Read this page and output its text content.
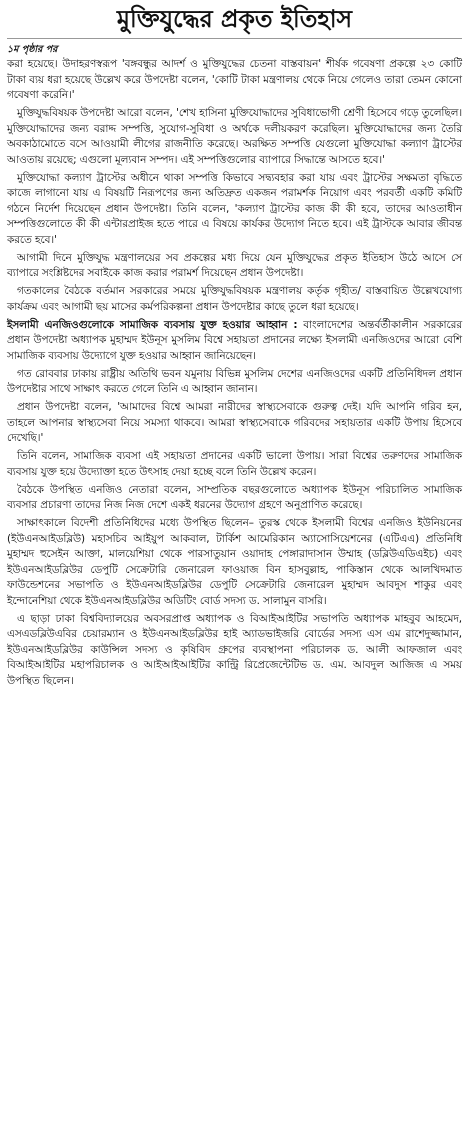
মুক্তিযুদ্ধের প্রকৃত ইতিহাস
১ম পৃষ্ঠার পর

করা হয়েছে। উদাহরণস্বরূপ 'বঙ্গবন্ধুর আদর্শ ও মুক্তিযুদ্ধের চেতনা বাস্তবায়ন' শীর্ষক গবেষণা প্রকল্পে ২৩ কোটি টাকা ব্যয় ধরা হয়েছে উল্লেখ করে উপদেষ্টা বলেন, 'কোটি টাকা মন্ত্রণালয় থেকে নিয়ে গেলেও তারা তেমন কোনো গবেষণা করেনি।'

মুক্তিযুদ্ধবিষয়ক উপদেষ্টা আরো বলেন, 'শেখ হাসিনা মুক্তিযোদ্ধাদের সুবিধাভোগী শ্রেণী হিসেবে গড়ে তুলেছিল। মুক্তিযোদ্ধাদের জন্য বরাদ্দ সম্পত্তি, সুযোগ-সুবিধা ও অর্থকে দলীয়করণ করেছিল। মুক্তিযোদ্ধাদের জন্য তৈরি অবকাঠামোতে বসে আওয়ামী লীগের রাজনীতি করেছে। অরক্ষিত সম্পত্তি যেগুলো মুক্তিযোদ্ধা কল্যাণ ট্রাস্টের আওতায় রয়েছে; এগুলো মূল্যবান সম্পদ। এই সম্পত্তিগুলোর ব্যাপারে সিদ্ধান্তে আসতে হবে।'

মুক্তিযোদ্ধা কল্যাণ ট্রাস্টের অধীনে থাকা সম্পত্তি কিভাবে সদ্ব্যবহার করা যায় এবং ট্রাস্টের সক্ষমতা বৃদ্ধিতে কাজে লাগানো যায় এ বিষয়টি নিরূপণের জন্য অতিদ্রুত একজন পরামর্শক নিয়োগ এবং পরবর্তী একটি কমিটি গঠনে নির্দেশ দিয়েছেন প্রধান উপদেষ্টা। তিনি বলেন, 'কল্যাণ ট্রাস্টের কাজ কী কী হবে, তাদের আওতাধীন সম্পত্তিগুলোতে কী কী এন্টারপ্রাইজ হতে পারে এ বিষয়ে কার্যকর উদ্যোগ নিতে হবে। এই ট্রাস্টকে আবার জীবন্ত করতে হবে।'

আগামী দিনে মুক্তিযুদ্ধ মন্ত্রণালয়ের সব প্রকল্পের মধ্য দিয়ে যেন মুক্তিযুদ্ধের প্রকৃত ইতিহাস উঠে আসে সে ব্যাপারে সংশ্লিষ্টদের সবাইকে কাজ করার পরামর্শ দিয়েছেন প্রধান উপদেষ্টা।

গতকালের বৈঠকে বর্তমান সরকারের সময়ে মুক্তিযুদ্ধবিষয়ক মন্ত্রণালয় কর্তৃক গৃহীত/ বাস্তবায়িত উল্লেখযোগ্য কার্যক্রম এবং আগামী ছয় মাসের কর্মপরিকল্পনা প্রধান উপদেষ্টার কাছে তুলে ধরা হয়েছে।

ইসলামী এনজিওগুলোকে সামাজিক ব্যবসায় যুক্ত হওয়ার আহ্বান : বাংলাদেশের অন্তর্বর্তীকালীন সরকারের প্রধান উপদেষ্টা অধ্যাপক মুহাম্মদ ইউনূস মুসলিম বিশ্বে সহায়তা প্রদানের লক্ষ্যে ইসলামী এনজিওদের আরো বেশি সামাজিক ব্যবসায় উদ্যোগে যুক্ত হওয়ার আহ্বান জানিয়েছেন।

গত রোববার ঢাকায় রাষ্ট্রীয় অতিথি ভবন যমুনায় বিভিন্ন মুসলিম দেশের এনজিওদের একটি প্রতিনিধিদল প্রধান উপদেষ্টার সাথে সাক্ষাৎ করতে গেলে তিনি এ আহ্বান জানান।

প্রধান উপদেষ্টা বলেন, 'আমাদের বিশ্বে আমরা নারীদের স্বাস্থ্যসেবাকে গুরুত্ব দেই। যদি আপনি গরিব হন, তাহলে আপনার স্বাস্থ্যসেবা নিয়ে সমস্যা থাকবে। আমরা স্বাস্থ্যসেবাকে গরিবদের সহায়তার একটি উপায় হিসেবে দেখেছি।'

তিনি বলেন, সামাজিক ব্যবসা এই সহায়তা প্রদানের একটি ভালো উপায়। সারা বিশ্বের তরুণদের সামাজিক ব্যবসায় যুক্ত হয়ে উদ্যোক্তা হতে উৎসাহ দেয়া হচ্ছে বলে তিনি উল্লেখ করেন।

বৈঠকে উপস্থিত এনজিও নেতারা বলেন, সাম্প্রতিক বছরগুলোতে অধ্যাপক ইউনূস পরিচালিত সামাজিক ব্যবসার প্রচারণা তাদের নিজ নিজ দেশে একই ধরনের উদ্যোগ গ্রহণে অনুপ্রাণিত করেছে।

সাক্ষাৎকালে বিদেশী প্রতিনিধিদের মধ্যে উপস্থিত ছিলেন– তুরস্ক থেকে ইসলামী বিশ্বের এনজিও ইউনিয়নের (ইউএনআইডব্লিউ) মহাসচিব আইয়ুপ আকবাল, টার্কিশ আমেরিকান অ্যাসোসিয়েশনের (এটিএএ) প্রতিনিধি মুহাম্মদ হুসেইন আক্তা, মালয়েশিয়া থেকে পারসাতুয়ান ওয়াদাহ পেঙ্গারাদাসান উম্মাহ (ডব্লিউএডিএইচ) এবং ইউএনআইডব্লিউর ডেপুটি সেক্রেটারি জেনারেল ফাওয়াজ বিন হাসবুল্লাহ, পাকিস্তান থেকে আলখিদমাত ফাউন্ডেশনের সভাপতি ও ইউএনআইডব্লিউর ডেপুটি সেক্রেটারি জেনারেল মুহাম্মদ আবদুস শাকুর এবং ইন্দোনেশিয়া থেকে ইউএনআইডব্লিউর অডিটিং বোর্ড সদস্য ড. সালামুন বাসরি।

এ ছাড়া ঢাকা বিশ্ববিদ্যালয়ের অবসরপ্রাপ্ত অধ্যাপক ও বিআইআইটির সভাপতি অধ্যাপক মাহবুব আহমেদ, এসএডব্লিউএবির চেয়ারম্যান ও ইউএনআইডব্লিউর হাই অ্যাডভাইজরি বোর্ডের সদস্য এস এম রাশেদুজ্জামান, ইউএনআইডব্লিউর কাউন্সিল সদস্য ও কৃষিবিদ গ্রুপের ব্যবস্থাপনা পরিচালক ড. আলী আফজাল এবং বিআইআইটির মহাপরিচালক ও আইআইআইটির কান্ট্রি রিপ্রেজেন্টেটিভ ড. এম. আবদুল আজিজ এ সময় উপস্থিত ছিলেন।
